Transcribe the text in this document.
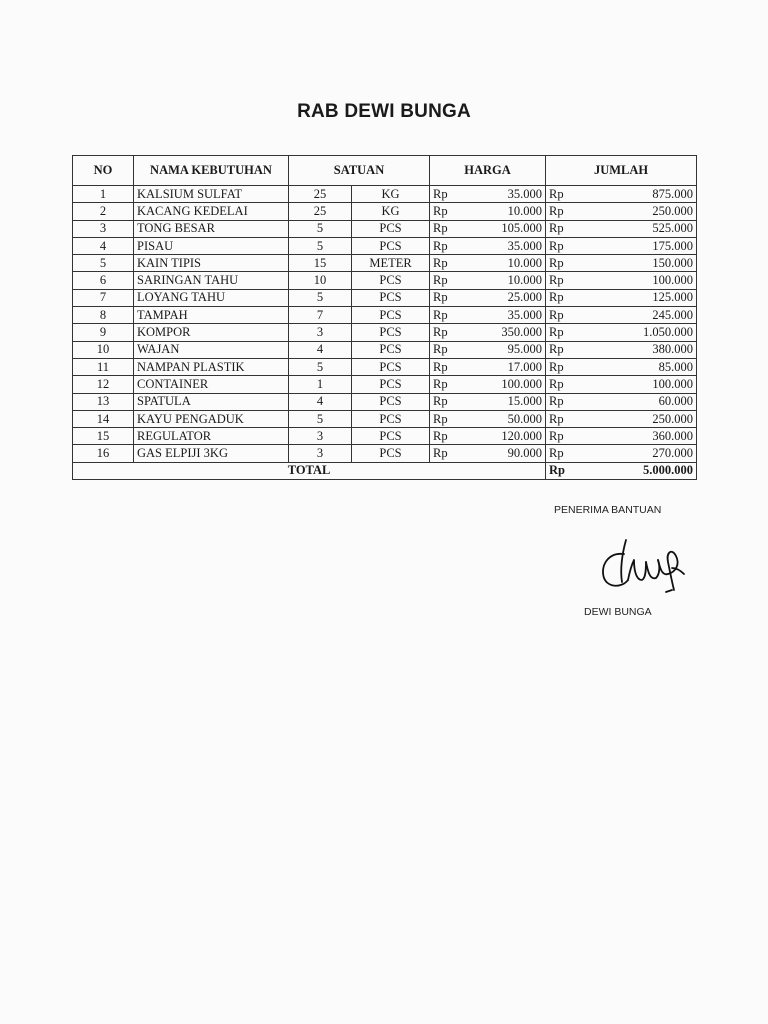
RAB DEWI BUNGA
NO	NAMA KEBUTUHAN	SATUAN		HARGA		JUMLAH	
1	KALSIUM SULFAT	25	KG	Rp	35.000	Rp	875.000
2	KACANG KEDELAI	25	KG	Rp	10.000	Rp	250.000
3	TONG BESAR	5	PCS	Rp	105.000	Rp	525.000
4	PISAU	5	PCS	Rp	35.000	Rp	175.000
5	KAIN TIPIS	15	METER	Rp	10.000	Rp	150.000
6	SARINGAN TAHU	10	PCS	Rp	10.000	Rp	100.000
7	LOYANG TAHU	5	PCS	Rp	25.000	Rp	125.000
8	TAMPAH	7	PCS	Rp	35.000	Rp	245.000
9	KOMPOR	3	PCS	Rp	350.000	Rp	1.050.000
10	WAJAN	4	PCS	Rp	95.000	Rp	380.000
11	NAMPAN PLASTIK	5	PCS	Rp	17.000	Rp	85.000
12	CONTAINER	1	PCS	Rp	100.000	Rp	100.000
13	SPATULA	4	PCS	Rp	15.000	Rp	60.000
14	KAYU PENGADUK	5	PCS	Rp	50.000	Rp	250.000
15	REGULATOR	3	PCS	Rp	120.000	Rp	360.000
16	GAS ELPIJI 3KG	3	PCS	Rp	90.000	Rp	270.000
TOTAL						Rp	5.000.000
PENERIMA BANTUAN
Dewi Bunga
DEWI BUNGA
